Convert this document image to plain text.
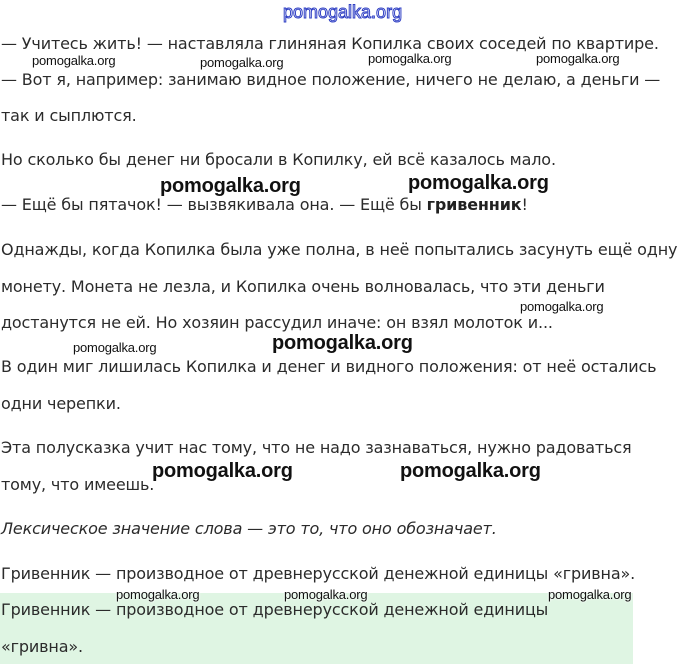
— Учитесь жить! — наставляла глиняная Копилка своих соседей по квартире.

— Вот я, например: занимаю видное положение, ничего не делаю, а деньги —

так и сыплются.

Но сколько бы денег ни бросали в Копилку, ей всё казалось мало.

— Ещё бы пятачок! — вызвякивала она. — Ещё бы гривенник!

Однажды, когда Копилка была уже полна, в неё попытались засунуть ещё одну

монету. Монета не лезла, и Копилка очень волновалась, что эти деньги

достанутся не ей. Но хозяин рассудил иначе: он взял молоток и...

В один миг лишилась Копилка и денег и видного положения: от неё остались

одни черепки.

Эта полусказка учит нас тому, что не надо зазнаваться, нужно радоваться

тому, что имеешь.

Лексическое значение слова — это то, что оно обозначает.

Гривенник — производное от древнерусской денежной единицы «гривна».

Гривенник — производное от древнерусской денежной единицы

«гривна».

pomogalka.org
pomogalka.org	pomogalka.org	pomogalka.org	pomogalka.org
pomogalka.org	pomogalka.org
pomogalka.org
pomogalka.org	pomogalka.org
pomogalka.org	pomogalka.org
pomogalka.org	pomogalka.org	pomogalka.org
